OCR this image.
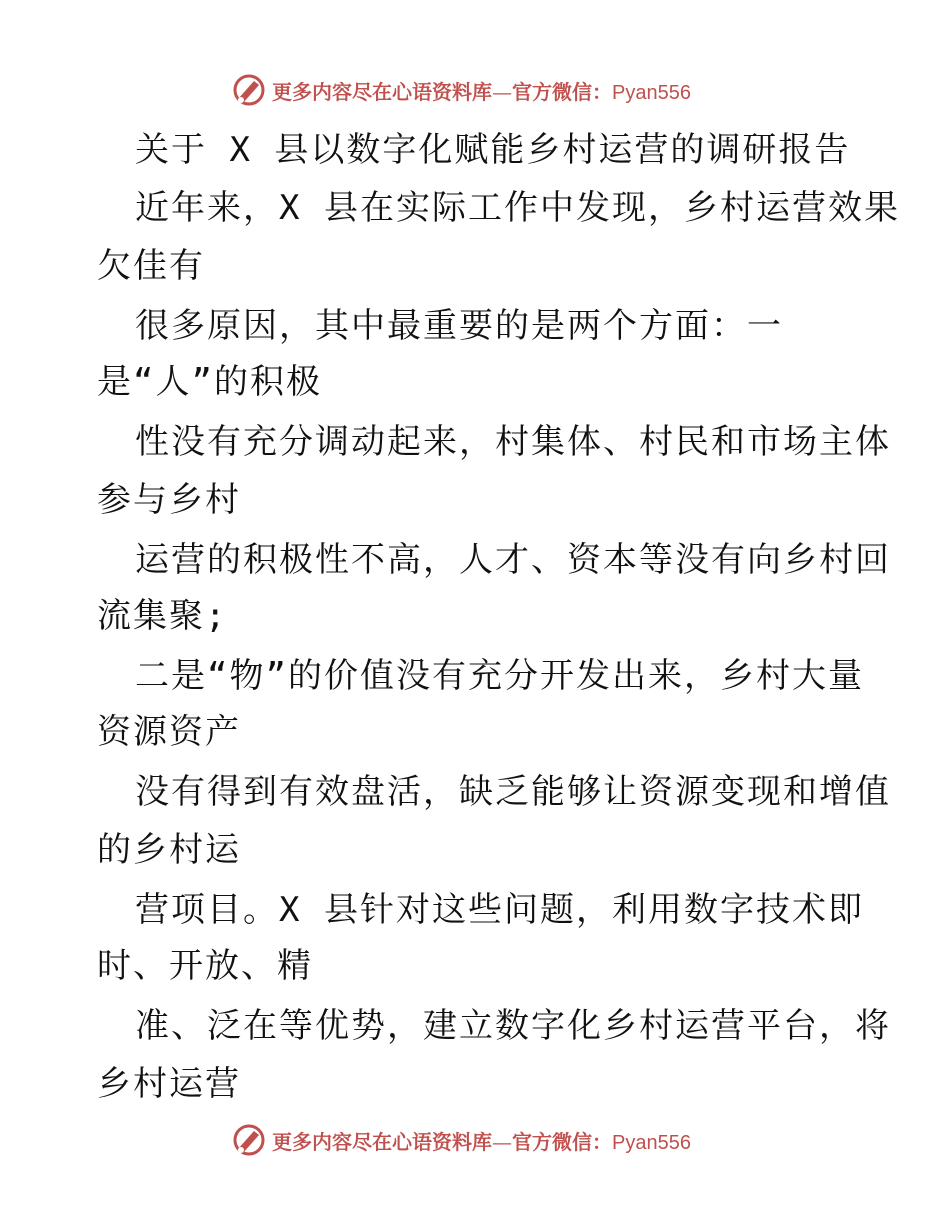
更多内容尽在心语资料库—官方微信：Pyan556
关于 X 县以数字化赋能乡村运营的调研报告
近年来，X 县在实际工作中发现，乡村运营效果
欠佳有
很多原因，其中最重要的是两个方面：一
是“人”的积极
性没有充分调动起来，村集体、村民和市场主体
参与乡村
运营的积极性不高，人才、资本等没有向乡村回
流集聚;
二是“物”的价值没有充分开发出来，乡村大量
资源资产
没有得到有效盘活，缺乏能够让资源变现和增值
的乡村运
营项目。X 县针对这些问题，利用数字技术即
时、开放、精
准、泛在等优势，建立数字化乡村运营平台，将
乡村运营
更多内容尽在心语资料库—官方微信：Pyan556
